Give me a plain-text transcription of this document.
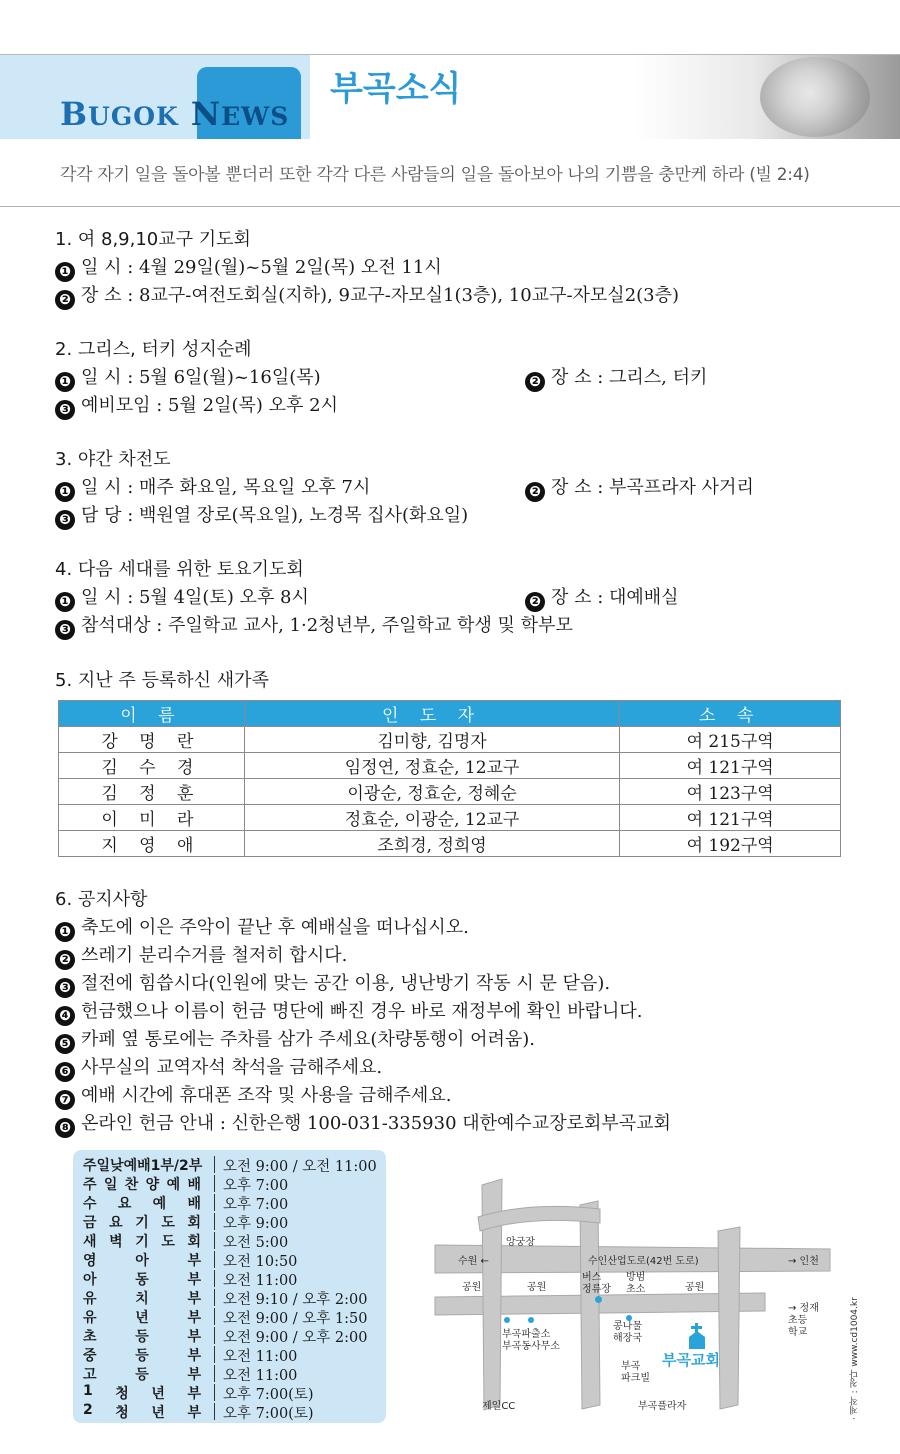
BUGOK NEWS
부곡소식
각각 자기 일을 돌아볼 뿐더러 또한 각각 다른 사람들의 일을 돌아보아 나의 기쁨을 충만케 하라 (빌 2:4)
1. 여 8,9,10교구 기도회
❶ 일 시 : 4월 29일(월)~5월 2일(목) 오전 11시
❷ 장 소 : 8교구-여전도회실(지하), 9교구-자모실1(3층), 10교구-자모실2(3층)
2. 그리스, 터키 성지순례
❶ 일 시 : 5월 6일(월)~16일(목)	❷ 장 소 : 그리스, 터키
❸ 예비모임 : 5월 2일(목) 오후 2시
3. 야간 차전도
❶ 일 시 : 매주 화요일, 목요일 오후 7시	❷ 장 소 : 부곡프라자 사거리
❸ 담 당 : 백원열 장로(목요일), 노경목 집사(화요일)
4. 다음 세대를 위한 토요기도회
❶ 일 시 : 5월 4일(토) 오후 8시	❷ 장 소 : 대예배실
❸ 참석대상 : 주일학교 교사, 1·2청년부, 주일학교 학생 및 학부모
5. 지난 주 등록하신 새가족
이 름	인 도 자	소 속
강 명 란	김미향, 김명자	여 215구역
김 수 경	임정연, 정효순, 12교구	여 121구역
김 정 훈	이광순, 정효순, 정혜순	여 123구역
이 미 라	정효순, 이광순, 12교구	여 121구역
지 영 애	조희경, 정희영	여 192구역
6. 공지사항
❶ 축도에 이은 주악이 끝난 후 예배실을 떠나십시오.
❷ 쓰레기 분리수거를 철저히 합시다.
❸ 절전에 힘씁시다(인원에 맞는 공간 이용, 냉난방기 작동 시 문 닫음).
❹ 헌금했으나 이름이 헌금 명단에 빠진 경우 바로 재정부에 확인 바랍니다.
❺ 카페 옆 통로에는 주차를 삼가 주세요(차량통행이 어려움).
❻ 사무실의 교역자석 착석을 금해주세요.
❼ 예배 시간에 휴대폰 조작 및 사용을 금해주세요.
❽ 온라인 헌금 안내 : 신한은행 100-031-335930 대한예수교장로회부곡교회
주일낮예배1부/2부 오전 9:00 / 오전 11:00
주 일 찬 양 예 배 오후 7:00
수 요 예 배 오후 7:00
금 요 기 도 회 오후 9:00
새 벽 기 도 회 오전 5:00
영	아	부 오전 10:50
아	동	부 오전 11:00
유	치	부 오전 9:10 / 오후 2:00
유	년	부 오전 9:00 / 오후 1:50
초	등	부 오전 9:00 / 오후 2:00
중	등	부 오전 11:00
고	등	부 오전 11:00
1 청 년 부 오후 7:00(토)
2 청 년 부 오후 7:00(토)
앙궁장
수원 ←	수인산업도로(42번 도로)	→ 인천
공원	공원	공원
버스
정류장
방범
초소
→ 정재
초등
학교
부곡파출소
부곡동사무소
콩나물
해장국
부곡
파크빌
제일CC	부곡플라자
부곡교회	· 제작 : 청다 www.cd1004.kr
